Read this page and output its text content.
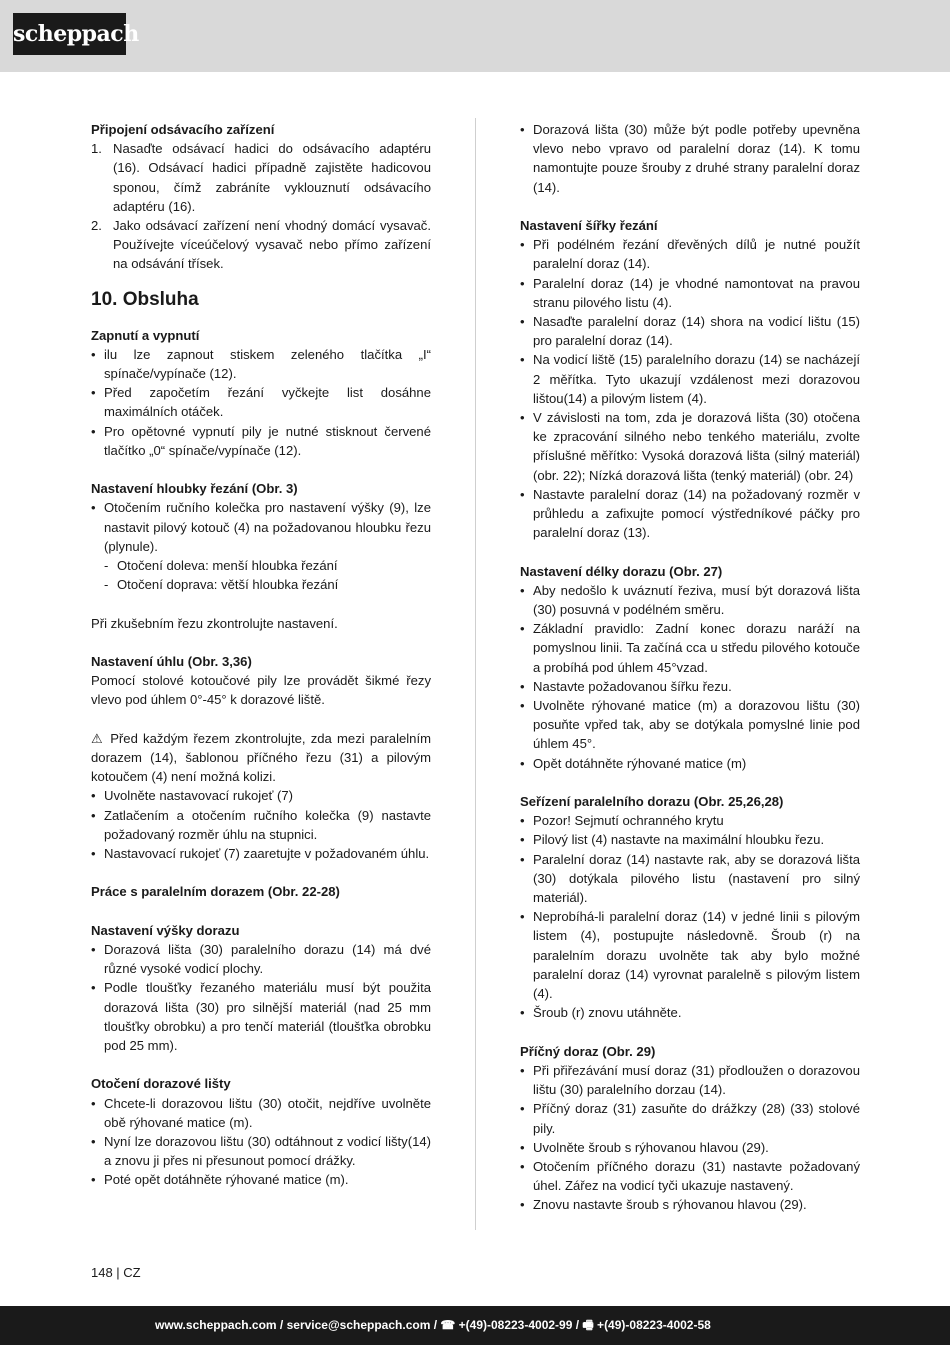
scheppach

Připojení odsávacího zařízení

1. Nasaďte odsávací hadici do odsávacího adaptéru (16). Odsávací hadici případně zajistěte hadicovou sponou, čímž zabráníte vyklouznutí odsávacího adaptéru (16).

2. Jako odsávací zařízení není vhodný domácí vysavač. Používejte víceúčelový vysavač nebo přímo zařízení na odsávání třísek.

10. Obsluha

Zapnutí a vypnutí

• ilu lze zapnout stiskem zeleného tlačítka „I“ spínače/vypínače (12).

• Před započetím řezání vyčkejte list dosáhne maximálních otáček.

• Pro opětovné vypnutí pily je nutné stisknout červené tlačítko „0“ spínače/vypínače (12).

Nastavení hloubky řezání (Obr. 3)

• Otočením ručního kolečka pro nastavení výšky (9), lze nastavit pilový kotouč (4) na požadovanou hloubku řezu (plynule).

- Otočení doleva: menší hloubka řezání

- Otočení doprava: větší hloubka řezání

Při zkušebním řezu zkontrolujte nastavení.

Nastavení úhlu (Obr. 3,36)

Pomocí stolové kotoučové pily lze provádět šikmé řezy vlevo pod úhlem 0°-45° k dorazové liště.

⚠ Před každým řezem zkontrolujte, zda mezi paralelním dorazem (14), šablonou příčného řezu (31) a pilovým kotoučem (4) není možná kolizi.

• Uvolněte nastavovací rukojeť (7)

• Zatlačením a otočením ručního kolečka (9) nastavte požadovaný rozměr úhlu na stupnici.

• Nastavovací rukojeť (7) zaaretujte v požadovaném úhlu.

Práce s paralelním dorazem (Obr. 22-28)

Nastavení výšky dorazu

• Dorazová lišta (30) paralelního dorazu (14) má dvé různé vysoké vodicí plochy.

• Podle tloušťky řezaného materiálu musí být použita dorazová lišta (30) pro silnější materiál (nad 25 mm tloušťky obrobku) a pro tenčí materiál (tloušťka obrobku pod 25 mm).

Otočení dorazové lišty

• Chcete-li dorazovou lištu (30) otočit, nejdříve uvolněte obě rýhované matice (m).

• Nyní lze dorazovou lištu (30) odtáhnout z vodicí lišty(14) a znovu ji přes ni přesunout pomocí drážky.

• Poté opět dotáhněte rýhované matice (m).

• Dorazová lišta (30) může být podle potřeby upevněna vlevo nebo vpravo od paralelní doraz (14). K tomu namontujte pouze šrouby z druhé strany paralelní doraz (14).

Nastavení šířky řezání

• Při podélném řezání dřevěných dílů je nutné použít paralelní doraz (14).

• Paralelní doraz (14) je vhodné namontovat na pravou stranu pilového listu (4).

• Nasaďte paralelní doraz (14) shora na vodicí lištu (15) pro paralelní doraz (14).

• Na vodicí liště (15) paralelního dorazu (14) se nacházejí 2 měřítka. Tyto ukazují vzdálenost mezi dorazovou lištou(14) a pilovým listem (4).

• V závislosti na tom, zda je dorazová lišta (30) otočena ke zpracování silného nebo tenkého materiálu, zvolte příslušné měřítko: Vysoká dorazová lišta (silný materiál) (obr. 22); Nízká dorazová lišta (tenký materiál) (obr. 24)

• Nastavte paralelní doraz (14) na požadovaný rozměr v průhledu a zafixujte pomocí výstředníkové páčky pro paralelní doraz (13).

Nastavení délky dorazu (Obr. 27)

• Aby nedošlo k uváznutí řeziva, musí být dorazová lišta (30) posuvná v podélném směru.

• Základní pravidlo: Zadní konec dorazu naráží na pomyslnou linii. Ta začíná cca u středu pilového kotouče a probíhá pod úhlem 45°vzad.

• Nastavte požadovanou šířku řezu.

• Uvolněte rýhované matice (m) a dorazovou lištu (30) posuňte vpřed tak, aby se dotýkala pomyslné linie pod úhlem 45°.

• Opět dotáhněte rýhované matice (m)

Seřízení paralelního dorazu (Obr. 25,26,28)

• Pozor! Sejmutí ochranného krytu

• Pilový list (4) nastavte na maximální hloubku řezu.

• Paralelní doraz (14) nastavte rak, aby se dorazová lišta (30) dotýkala pilového listu (nastavení pro silný materiál).

• Neprobíhá-li paralelní doraz (14) v jedné linii s pilovým listem (4), postupujte následovně. Šroub (r) na paralelním dorazu uvolněte tak aby bylo možné paralelní doraz (14) vyrovnat paralelně s pilovým listem (4).

• Šroub (r) znovu utáhněte.

Příčný doraz (Obr. 29)

• Při přiřezávání musí doraz (31) přodloužen o dorazovou lištu (30) paralelního dorzau (14).

• Příčný doraz (31) zasuňte do drážkzy (28) (33) stolové pily.

• Uvolněte šroub s rýhovanou hlavou (29).

• Otočením příčného dorazu (31) nastavte požadovaný úhel. Zářez na vodicí tyči ukazuje nastavený.

• Znovu nastavte šroub s rýhovanou hlavou (29).

148 | CZ
www.scheppach.com / service@scheppach.com / ☎ +(49)-08223-4002-99 / 🖷 +(49)-08223-4002-58
